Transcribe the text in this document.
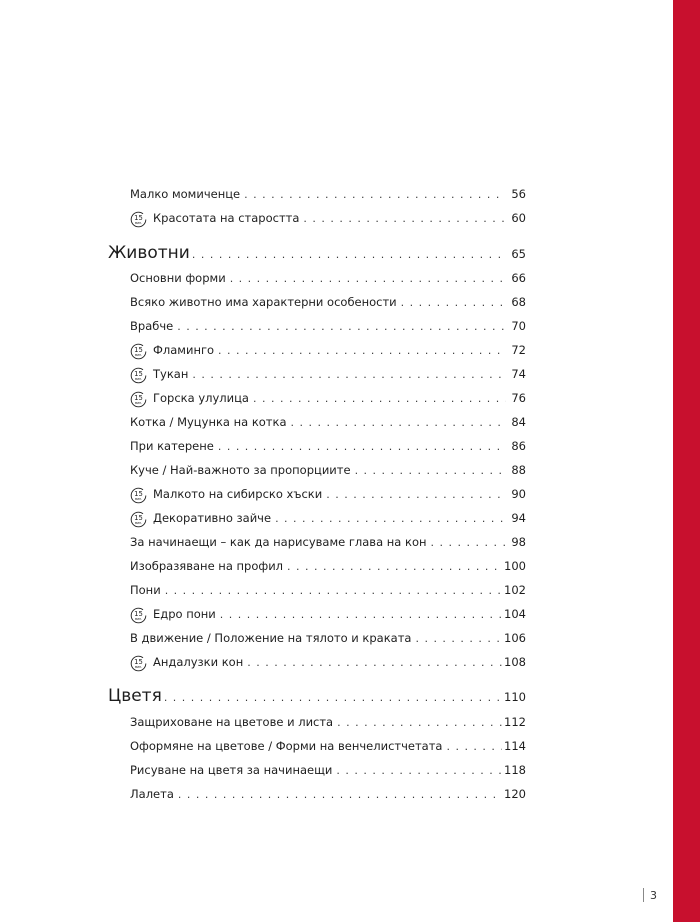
Малко момиченце . . .	56
15
мин. Красотата на старостта . . .	60
Животни . . .	65
Основни форми . . .	66
Всяко животно има характерни особености . . .	68
Врабче . . .	70
15
мин. Фламинго . . .	72
15
мин. Тукан . . .	74
15
мин. Горска улулица . . .	76
Котка / Муцунка на котка . . .	84
При катерене . . .	86
Куче / Най-важното за пропорциите . . .	88
15
мин. Малкото на сибирско хъски . . .	90
15
мин. Декоративно зайче . . .	94
За начинаещи – как да нарисуваме глава на кон . . .	98
Изобразяване на профил . . .	100
Пони . . .	102
15
мин. Едро пони . . .	104
В движение / Положение на тялото и краката . . .	106
15
мин. Андалузки кон . . .	108
Цветя . . .	110
Защриховане на цветове и листа . . .	112
Оформяне на цветове / Форми на венчелистчетата . . .	114
Рисуване на цветя за начинаещи . . .	118
Лалета . . .	120
3
